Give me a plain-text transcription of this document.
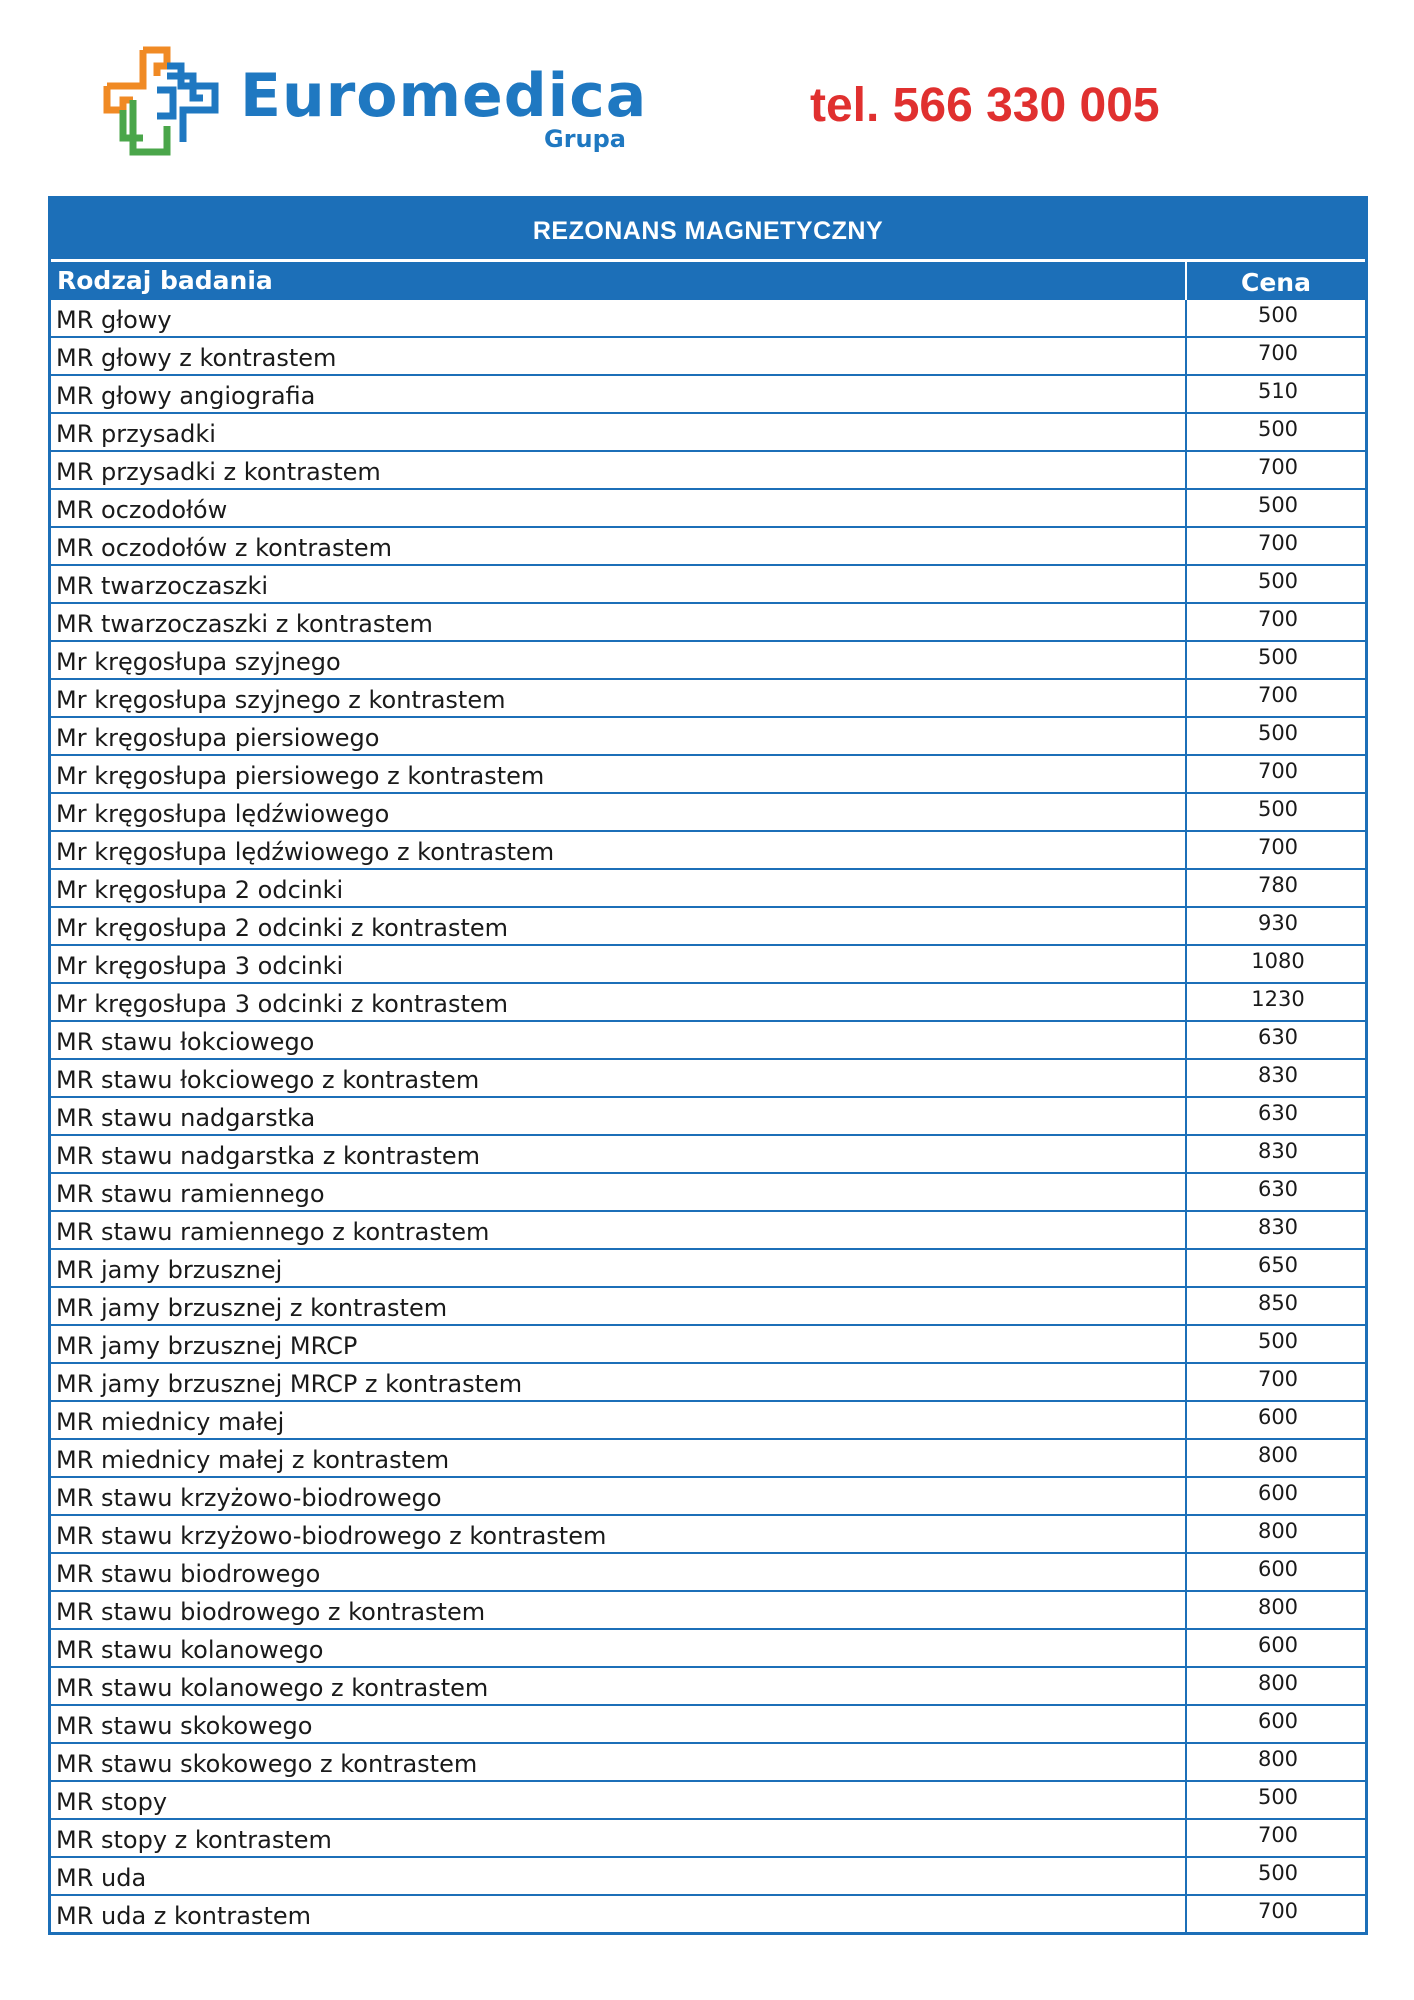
Euromedica
Grupa
tel. 566 330 005
REZONANS MAGNETYCZNY
Rodzaj badania	Cena
MR głowy	500
MR głowy z kontrastem	700
MR głowy angiografia	510
MR przysadki	500
MR przysadki z kontrastem	700
MR oczodołów	500
MR oczodołów z kontrastem	700
MR twarzoczaszki	500
MR twarzoczaszki z kontrastem	700
Mr kręgosłupa szyjnego	500
Mr kręgosłupa szyjnego z kontrastem	700
Mr kręgosłupa piersiowego	500
Mr kręgosłupa piersiowego z kontrastem	700
Mr kręgosłupa lędźwiowego	500
Mr kręgosłupa lędźwiowego z kontrastem	700
Mr kręgosłupa 2 odcinki	780
Mr kręgosłupa 2 odcinki z kontrastem	930
Mr kręgosłupa 3 odcinki	1080
Mr kręgosłupa 3 odcinki z kontrastem	1230
MR stawu łokciowego	630
MR stawu łokciowego z kontrastem	830
MR stawu nadgarstka	630
MR stawu nadgarstka z kontrastem	830
MR stawu ramiennego	630
MR stawu ramiennego z kontrastem	830
MR jamy brzusznej	650
MR jamy brzusznej z kontrastem	850
MR jamy brzusznej MRCP	500
MR jamy brzusznej MRCP z kontrastem	700
MR miednicy małej	600
MR miednicy małej z kontrastem	800
MR stawu krzyżowo-biodrowego	600
MR stawu krzyżowo-biodrowego z kontrastem	800
MR stawu biodrowego	600
MR stawu biodrowego z kontrastem	800
MR stawu kolanowego	600
MR stawu kolanowego z kontrastem	800
MR stawu skokowego	600
MR stawu skokowego z kontrastem	800
MR stopy	500
MR stopy z kontrastem	700
MR uda	500
MR uda z kontrastem	700
